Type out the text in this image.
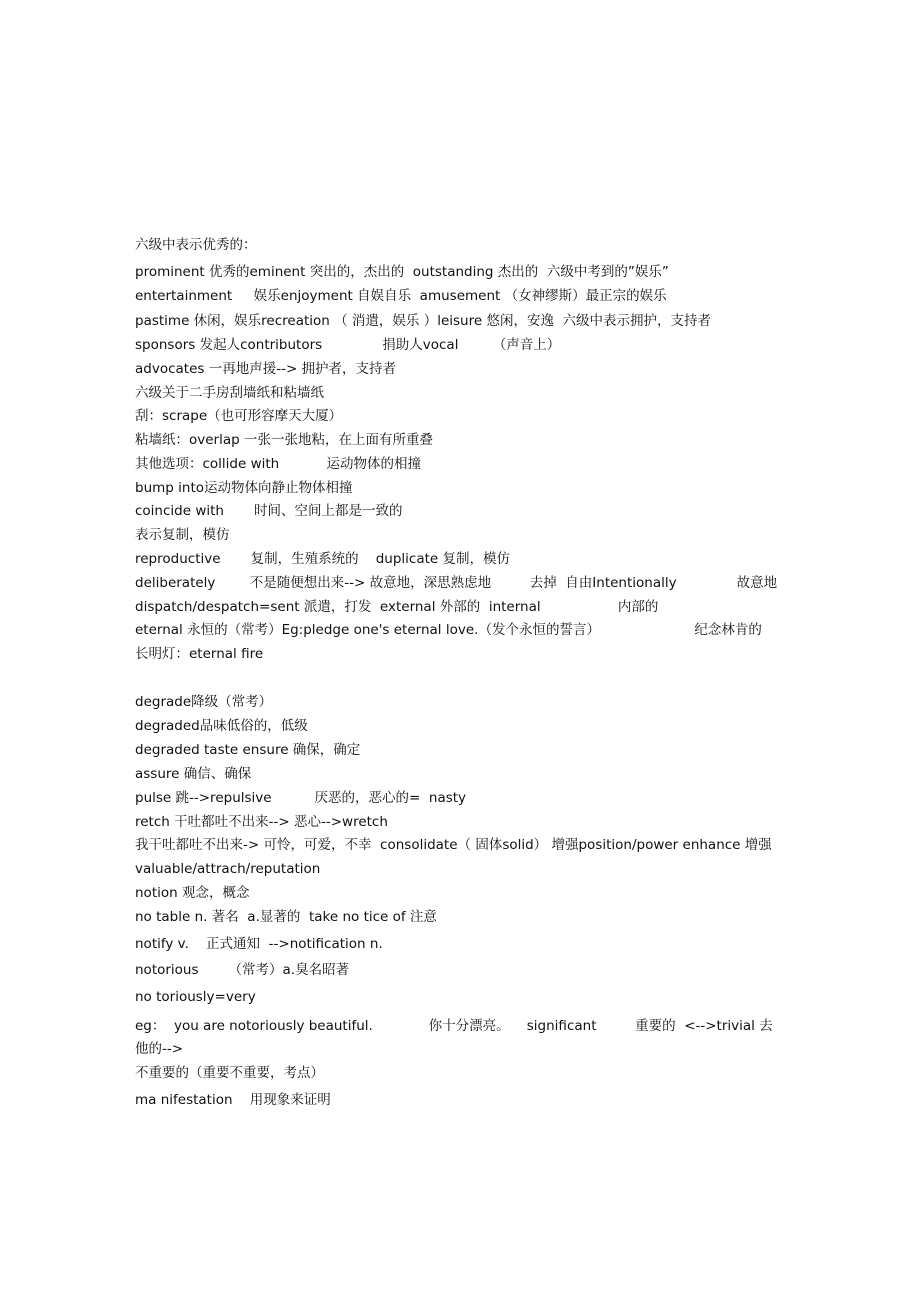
六级中表示优秀的：
prominent 优秀的eminent 突出的，杰出的  outstanding 杰出的  六级中考到的”娱乐”
entertainment     娱乐enjoyment 自娱自乐  amusement （女神缪斯）最正宗的娱乐
pastime 休闲，娱乐recreation （ 消遣，娱乐 ）leisure 悠闲，安逸  六级中表示拥护，支持者
sponsors 发起人contributors              捐助人vocal        （声音上）
advocates 一再地声援--> 拥护者，支持者
六级关于二手房刮墙纸和粘墙纸
刮：scrape（也可形容摩天大厦）
粘墙纸：overlap 一张一张地粘，在上面有所重叠
其他选项：collide with           运动物体的相撞
bump into运动物体向静止物体相撞
coincide with       时间、空间上都是一致的
表示复制，模仿
reproductive       复制，生殖系统的    duplicate 复制，模仿
deliberately        不是随便想出来--> 故意地，深思熟虑地         去掉  自由Intentionally              故意地
dispatch/despatch=sent 派遣，打发  external 外部的  internal                  内部的
eternal 永恒的（常考）Eg:pledge one's eternal love.（发个永恒的誓言）                      纪念林肯的
长明灯：eternal fire
degrade降级（常考）
degraded品味低俗的，低级
degraded taste ensure 确保，确定
assure 确信、确保
pulse 跳-->repulsive          厌恶的，恶心的=  nasty
retch 干吐都吐不出来--> 恶心-->wretch
我干吐都吐不出来-> 可怜，可爱，不幸  consolidate（ 固体solid） 增强position/power enhance 增强
valuable/attrach/reputation
notion 观念，概念
no table n. 著名  a.显著的  take no tice of 注意
notify v.    正式通知  -->notification n.
notorious       （常考）a.臭名昭著
no toriously=very
eg：  you are notoriously beautiful.             你十分漂亮。    significant         重要的  <-->trivial 去
他的-->
不重要的（重要不重要，考点）
ma nifestation    用现象来证明
